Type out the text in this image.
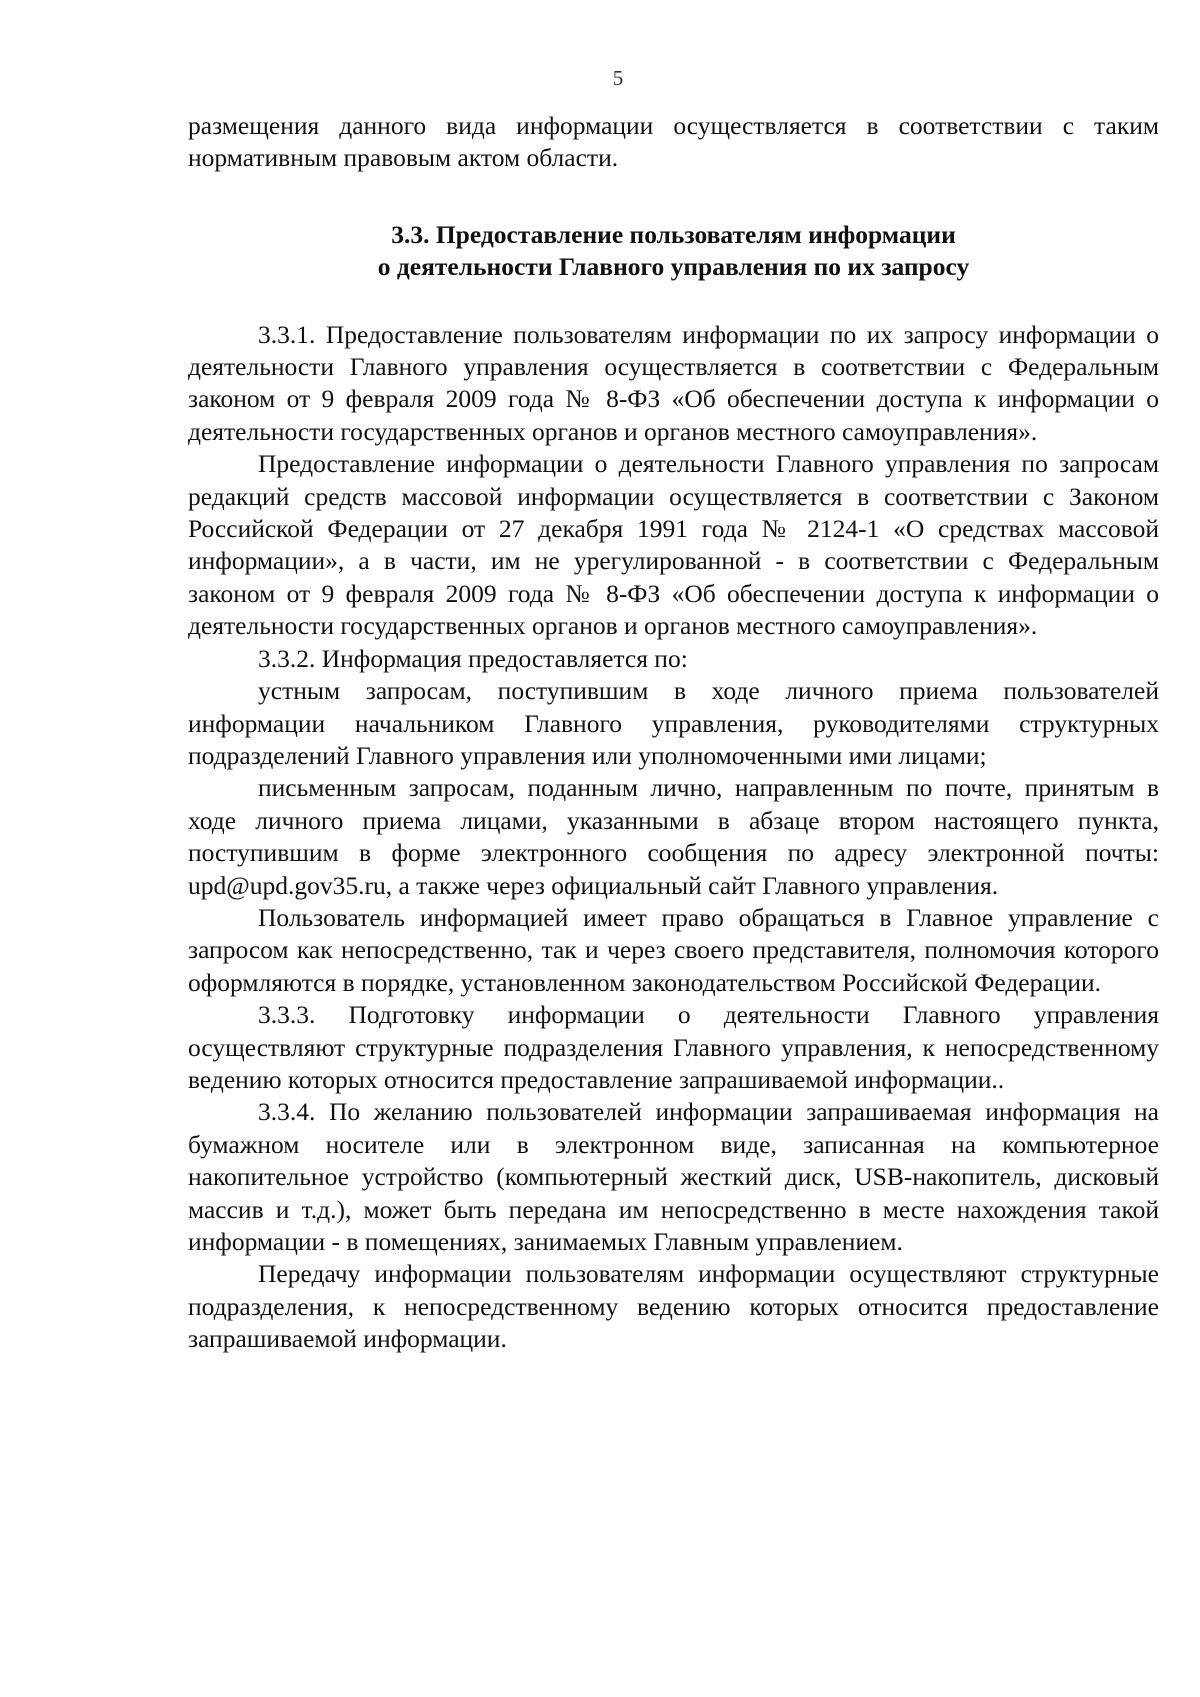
5

размещения данного вида информации осуществляется в соответствии с таким нормативным правовым актом области.

3.3. Предоставление пользователям информации
о деятельности Главного управления по их запросу

3.3.1. Предоставление пользователям информации по их запросу информации о деятельности Главного управления осуществляется в соответствии с Федеральным законом от 9 февраля 2009 года № 8-ФЗ «Об обеспечении доступа к информации о деятельности государственных органов и органов местного самоуправления».

Предоставление информации о деятельности Главного управления по запросам редакций средств массовой информации осуществляется в соответствии с Законом Российской Федерации от 27 декабря 1991 года № 2124-1 «О средствах массовой информации», а в части, им не урегулированной - в соответствии с Федеральным законом от 9 февраля 2009 года № 8-ФЗ «Об обеспечении доступа к информации о деятельности государственных органов и органов местного самоуправления».

3.3.2. Информация предоставляется по:

устным запросам, поступившим в ходе личного приема пользователей информации начальником Главного управления, руководителями структурных подразделений Главного управления или уполномоченными ими лицами;

письменным запросам, поданным лично, направленным по почте, принятым в ходе личного приема лицами, указанными в абзаце втором настоящего пункта, поступившим в форме электронного сообщения по адресу электронной почты: upd@upd.gov35.ru, а также через официальный сайт Главного управления.

Пользователь информацией имеет право обращаться в Главное управление с запросом как непосредственно, так и через своего представителя, полномочия которого оформляются в порядке, установленном законодательством Российской Федерации.

3.3.3. Подготовку информации о деятельности Главного управления осуществляют структурные подразделения Главного управления, к непосредственному ведению которых относится предоставление запрашиваемой информации..

3.3.4. По желанию пользователей информации запрашиваемая информация на бумажном носителе или в электронном виде, записанная на компьютерное накопительное устройство (компьютерный жесткий диск, USB-накопитель, дисковый массив и т.д.), может быть передана им непосредственно в месте нахождения такой информации - в помещениях, занимаемых Главным управлением.

Передачу информации пользователям информации осуществляют структурные подразделения, к непосредственному ведению которых относится предоставление запрашиваемой информации.
